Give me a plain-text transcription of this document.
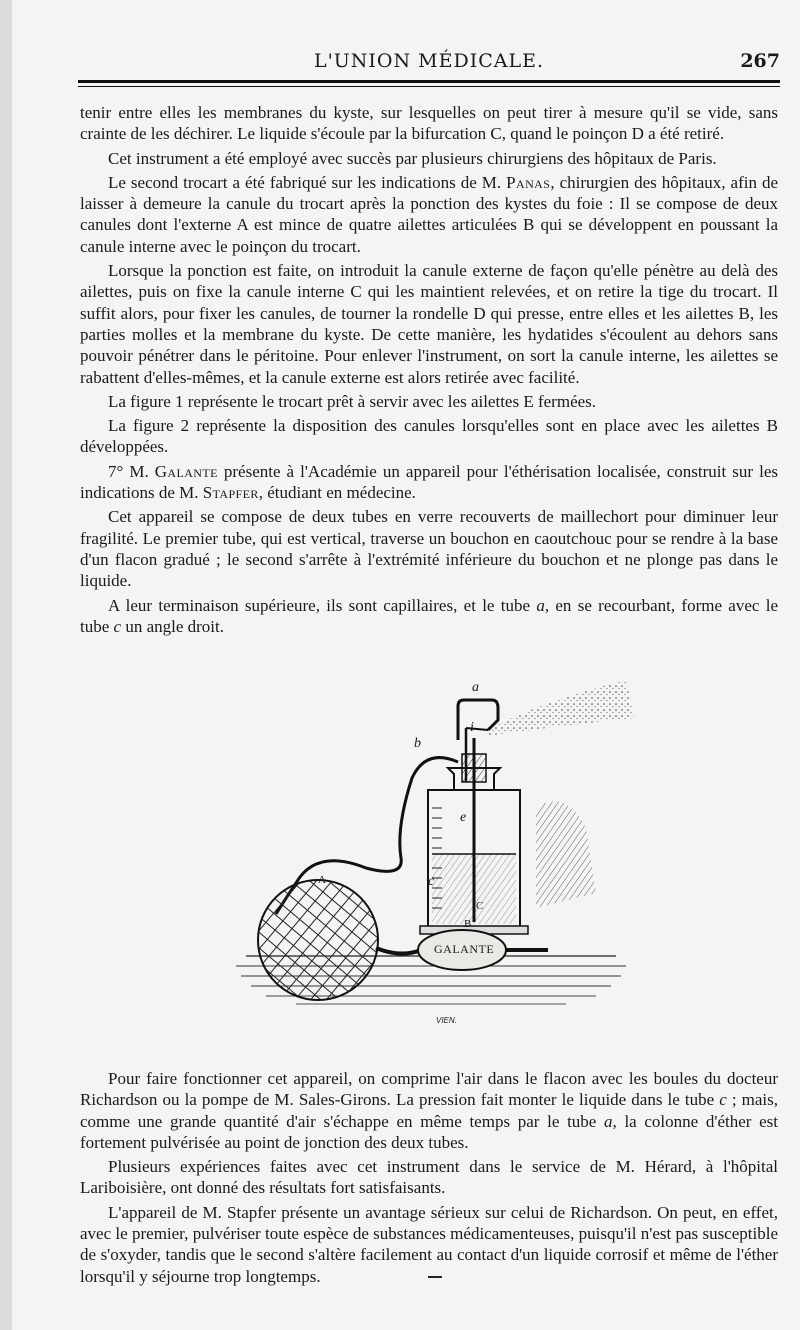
L'UNION MÉDICALE.	267

tenir entre elles les membranes du kyste, sur lesquelles on peut tirer à mesure qu'il se vide, sans crainte de les déchirer. Le liquide s'écoule par la bifurcation C, quand le poinçon D a été retiré.

Cet instrument a été employé avec succès par plusieurs chirurgiens des hôpitaux de Paris.

Le second trocart a été fabriqué sur les indications de M. Panas, chirurgien des hôpitaux, afin de laisser à demeure la canule du trocart après la ponction des kystes du foie : Il se compose de deux canules dont l'externe A est mince de quatre ailettes articulées B qui se développent en poussant la canule interne avec le poinçon du trocart.

Lorsque la ponction est faite, on introduit la canule externe de façon qu'elle pénètre au delà des ailettes, puis on fixe la canule interne C qui les maintient relevées, et on retire la tige du trocart. Il suffit alors, pour fixer les canules, de tourner la rondelle D qui presse, entre elles et les ailettes B, les parties molles et la membrane du kyste. De cette manière, les hydatides s'écoulent au dehors sans pouvoir pénétrer dans le péritoine. Pour enlever l'instrument, on sort la canule interne, les ailettes se rabattent d'elles-mêmes, et la canule externe est alors retirée avec facilité.

La figure 1 représente le trocart prêt à servir avec les ailettes E fermées.

La figure 2 représente la disposition des canules lorsqu'elles sont en place avec les ailettes B développées.

7° M. Galante présente à l'Académie un appareil pour l'éthérisation localisée, construit sur les indications de M. Stapfer, étudiant en médecine.

Cet appareil se compose de deux tubes en verre recouverts de maillechort pour diminuer leur fragilité. Le premier tube, qui est vertical, traverse un bouchon en caoutchouc pour se rendre à la base d'un flacon gradué ; le second s'arrête à l'extrémité inférieure du bouchon et ne plonge pas dans le liquide.

A leur terminaison supérieure, ils sont capillaires, et le tube a, en se recourbant, forme avec le tube c un angle droit.

a
b
i
e
c
A
B
C
GALANTE
VIEN.

Pour faire fonctionner cet appareil, on comprime l'air dans le flacon avec les boules du docteur Richardson ou la pompe de M. Sales-Girons. La pression fait monter le liquide dans le tube c ; mais, comme une grande quantité d'air s'échappe en même temps par le tube a, la colonne d'éther est fortement pulvérisée au point de jonction des deux tubes.

Plusieurs expériences faites avec cet instrument dans le service de M. Hérard, à l'hôpital Lariboisière, ont donné des résultats fort satisfaisants.

L'appareil de M. Stapfer présente un avantage sérieux sur celui de Richardson. On peut, en effet, avec le premier, pulvériser toute espèce de substances médicamenteuses, puisqu'il n'est pas susceptible de s'oxyder, tandis que le second s'altère facilement au contact d'un liquide corrosif et même de l'éther lorsqu'il y séjourne trop longtemps.
